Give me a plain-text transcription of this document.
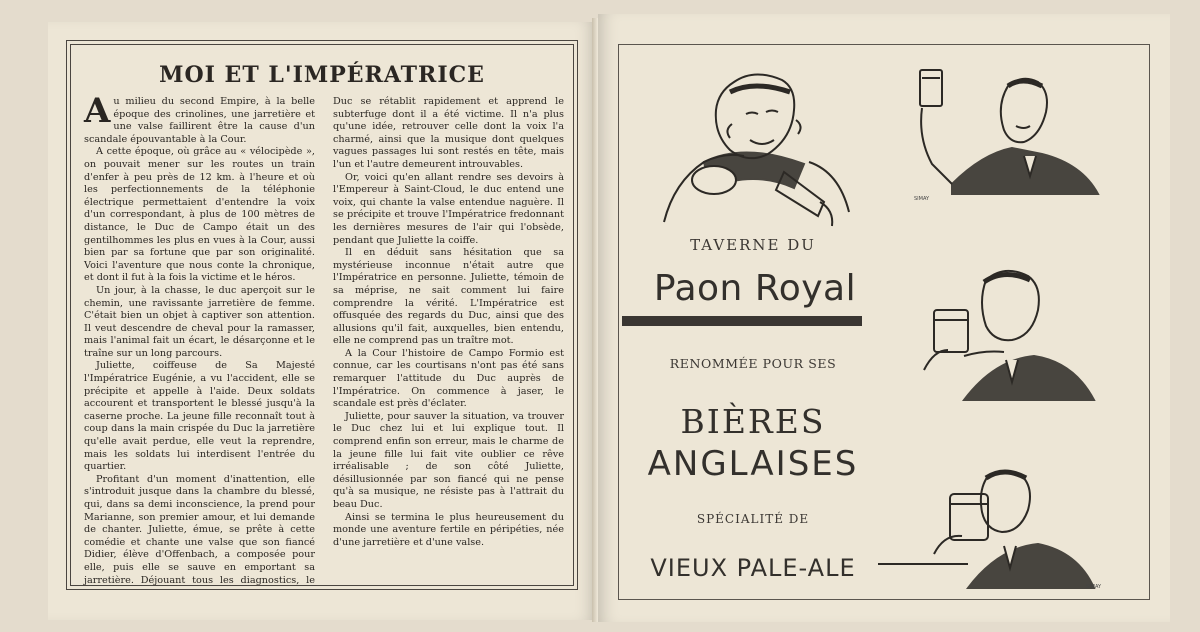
MOI ET L'IMPÉRATRICE

Au milieu du second Empire, à la belle époque des crinolines, une jarretière et une valse faillirent être la cause d'un scandale épouvantable à la Cour.

A cette époque, où grâce au « vélocipède », on pouvait mener sur les routes un train d'enfer à peu près de 12 km. à l'heure et où les perfectionnements de la téléphonie électrique permettaient d'entendre la voix d'un correspondant, à plus de 100 mètres de distance, le Duc de Campo était un des gentilhommes les plus en vues à la Cour, aussi bien par sa fortune que par son originalité. Voici l'aventure que nous conte la chronique, et dont il fut à la fois la victime et le héros.

Un jour, à la chasse, le duc aperçoit sur le chemin, une ravissante jarretière de femme. C'était bien un objet à captiver son attention. Il veut descendre de cheval pour la ramasser, mais l'animal fait un écart, le désarçonne et le traîne sur un long parcours.

Juliette, coiffeuse de Sa Majesté l'Impératrice Eugénie, a vu l'accident, elle se précipite et appelle à l'aide. Deux soldats accourent et transportent le blessé jusqu'à la caserne proche. La jeune fille reconnaît tout à coup dans la main crispée du Duc la jarretière qu'elle avait perdue, elle veut la reprendre, mais les soldats lui interdisent l'entrée du quartier.

Profitant d'un moment d'inattention, elle s'introduit jusque dans la chambre du blessé, qui, dans sa demi inconscience, la prend pour Marianne, son premier amour, et lui demande de chanter. Juliette, émue, se prête à cette comédie et chante une valse que son fiancé Didier, élève d'Offenbach, a composée pour elle, puis elle se sauve en emportant sa jarretière. Déjouant tous les diagnostics, le Duc se rétablit rapidement et apprend le subterfuge dont il a été victime. Il n'a plus qu'une idée, retrouver celle dont la voix l'a charmé, ainsi que la musique dont quelques vagues passages lui sont restés en tête, mais l'un et l'autre demeurent introuvables.

Or, voici qu'en allant rendre ses devoirs à l'Empereur à Saint-Cloud, le duc entend une voix, qui chante la valse entendue naguère. Il se précipite et trouve l'Impératrice fredonnant les dernières mesures de l'air qui l'obsède, pendant que Juliette la coiffe.

Il en déduit sans hésitation que sa mystérieuse inconnue n'était autre que l'Impératrice en personne. Juliette, témoin de sa méprise, ne sait comment lui faire comprendre la vérité. L'Impératrice est offusquée des regards du Duc, ainsi que des allusions qu'il fait, auxquelles, bien entendu, elle ne comprend pas un traître mot.

A la Cour l'histoire de Campo Formio est connue, car les courtisans n'ont pas été sans remarquer l'attitude du Duc auprès de l'Impératrice. On commence à jaser, le scandale est près d'éclater.

Juliette, pour sauver la situation, va trouver le Duc chez lui et lui explique tout. Il comprend enfin son erreur, mais le charme de la jeune fille lui fait vite oublier ce rêve irréalisable ; de son côté Juliette, désillusionnée par son fiancé qui ne pense qu'à sa musique, ne résiste pas à l'attrait du beau Duc.

Ainsi se termina le plus heureusement du monde une aventure fertile en péripéties, née d'une jarretière et d'une valse.

SIMAY
SIMAY
TAVERNE DU
Paon Royal
RENOMMÉE POUR SES
BIÈRES
ANGLAISES
SPÉCIALITÉ DE
VIEUX PALE-ALE
